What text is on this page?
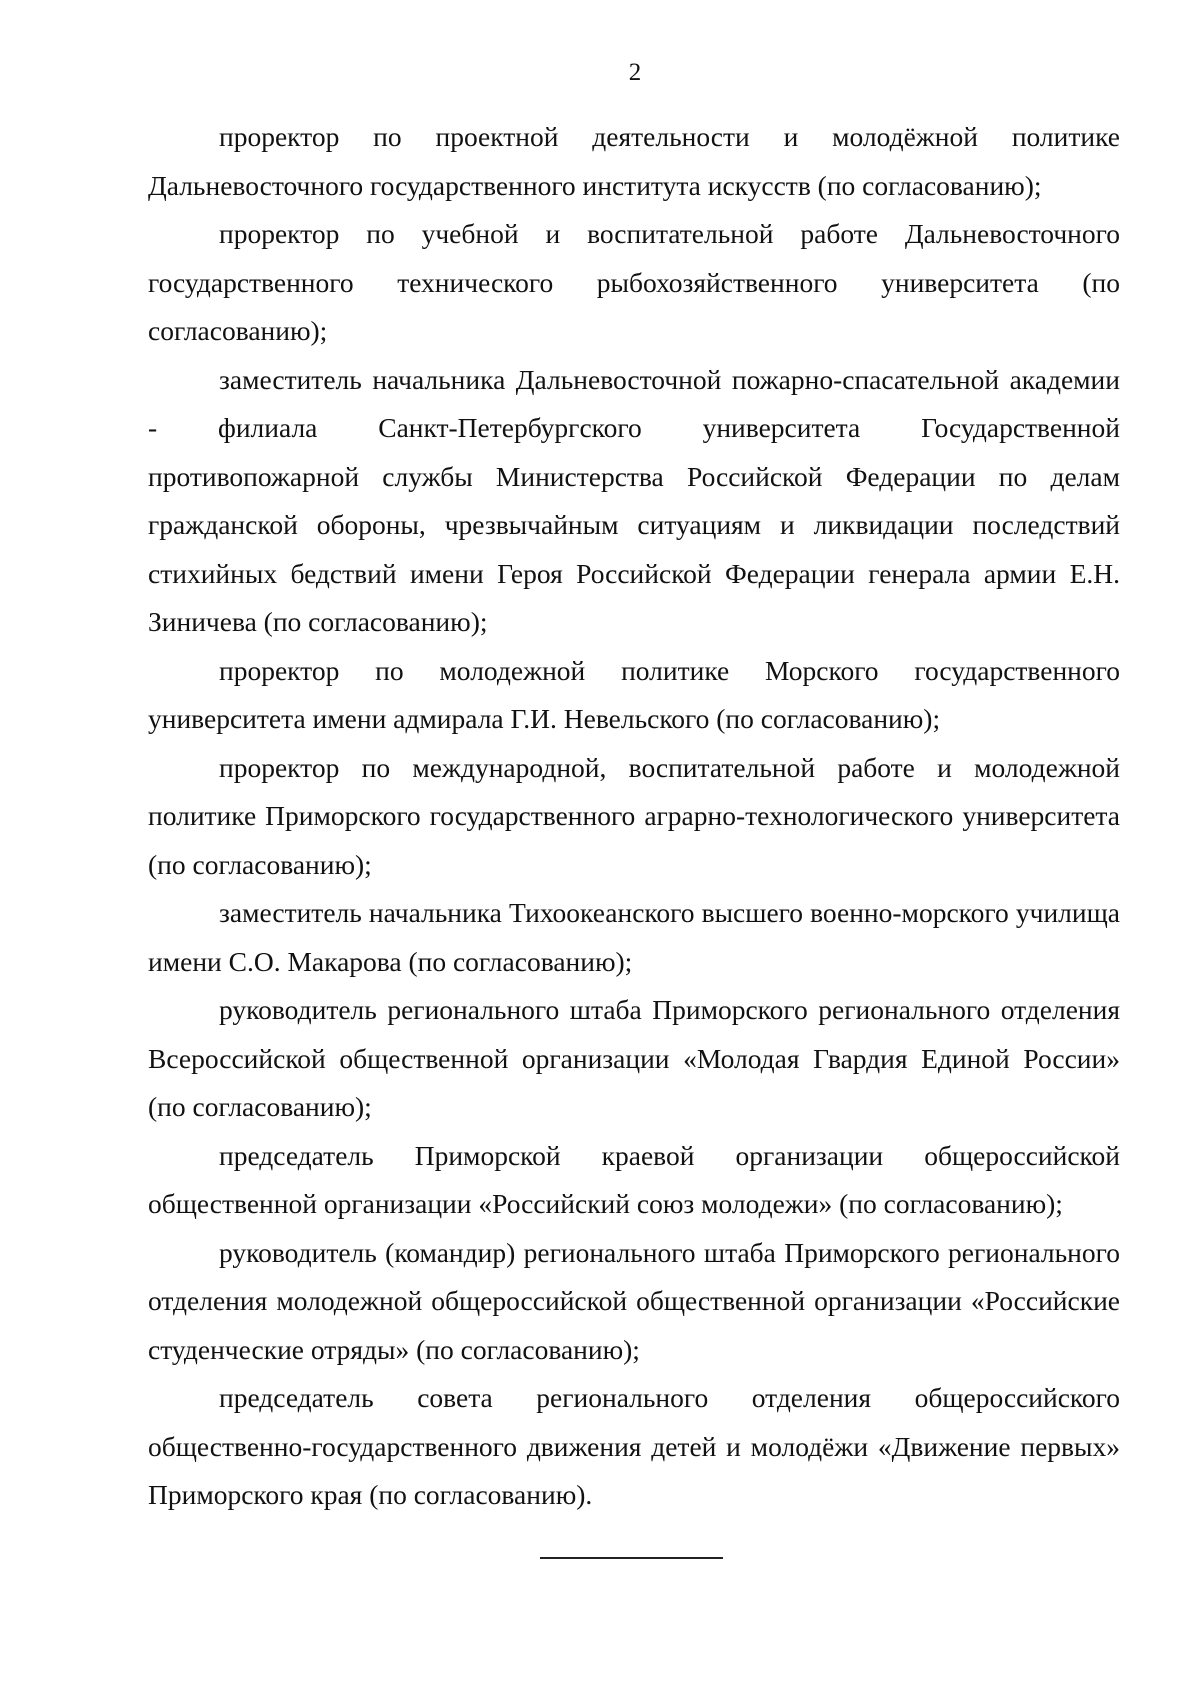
2

проректор по проектной деятельности и молодёжной политике Дальневосточного государственного института искусств (по согласованию);

проректор по учебной и воспитательной работе Дальневосточного государственного технического рыбохозяйственного университета (по согласованию);

заместитель начальника Дальневосточной пожарно-спасательной академии - филиала Санкт-Петербургского университета Государственной противопожарной службы Министерства Российской Федерации по делам гражданской обороны, чрезвычайным ситуациям и ликвидации последствий стихийных бедствий имени Героя Российской Федерации генерала армии Е.Н. Зиничева (по согласованию);

проректор по молодежной политике Морского государственного университета имени адмирала Г.И. Невельского (по согласованию);

проректор по международной, воспитательной работе и молодежной политике Приморского государственного аграрно-технологического университета (по согласованию);

заместитель начальника Тихоокеанского высшего военно-морского училища имени С.О. Макарова (по согласованию);

руководитель регионального штаба Приморского регионального отделения Всероссийской общественной организации «Молодая Гвардия Единой России» (по согласованию);

председатель Приморской краевой организации общероссийской общественной организации «Российский союз молодежи» (по согласованию);

руководитель (командир) регионального штаба Приморского регионального отделения молодежной общероссийской общественной организации «Российские студенческие отряды» (по согласованию);

председатель совета регионального отделения общероссийского общественно-государственного движения детей и молодёжи «Движение первых» Приморского края (по согласованию).
